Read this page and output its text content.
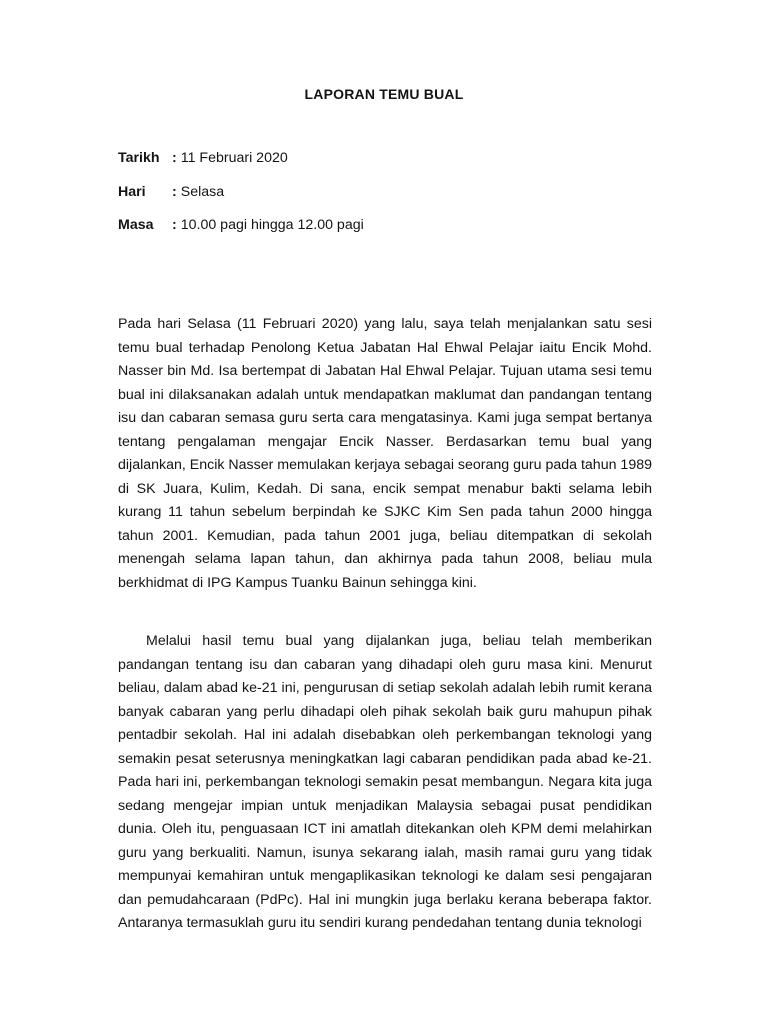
LAPORAN TEMU BUAL
Tarikh : 11 Februari 2020
Hari	: Selasa
Masa	: 10.00 pagi hingga 12.00 pagi

Pada hari Selasa (11 Februari 2020) yang lalu, saya telah menjalankan satu sesi temu bual terhadap Penolong Ketua Jabatan Hal Ehwal Pelajar iaitu Encik Mohd. Nasser bin Md. Isa bertempat di Jabatan Hal Ehwal Pelajar. Tujuan utama sesi temu bual ini dilaksanakan adalah untuk mendapatkan maklumat dan pandangan tentang isu dan cabaran semasa guru serta cara mengatasinya. Kami juga sempat bertanya tentang pengalaman mengajar Encik Nasser. Berdasarkan temu bual yang dijalankan, Encik Nasser memulakan kerjaya sebagai seorang guru pada tahun 1989 di SK Juara, Kulim, Kedah. Di sana, encik sempat menabur bakti selama lebih kurang 11 tahun sebelum berpindah ke SJKC Kim Sen pada tahun 2000 hingga tahun 2001. Kemudian, pada tahun 2001 juga, beliau ditempatkan di sekolah menengah selama lapan tahun, dan akhirnya pada tahun 2008, beliau mula berkhidmat di IPG Kampus Tuanku Bainun sehingga kini.

Melalui hasil temu bual yang dijalankan juga, beliau telah memberikan pandangan tentang isu dan cabaran yang dihadapi oleh guru masa kini. Menurut beliau, dalam abad ke-21 ini, pengurusan di setiap sekolah adalah lebih rumit kerana banyak cabaran yang perlu dihadapi oleh pihak sekolah baik guru mahupun pihak pentadbir sekolah. Hal ini adalah disebabkan oleh perkembangan teknologi yang semakin pesat seterusnya meningkatkan lagi cabaran pendidikan pada abad ke-21. Pada hari ini, perkembangan teknologi semakin pesat membangun. Negara kita juga sedang mengejar impian untuk menjadikan Malaysia sebagai pusat pendidikan dunia. Oleh itu, penguasaan ICT ini amatlah ditekankan oleh KPM demi melahirkan guru yang berkualiti. Namun, isunya sekarang ialah, masih ramai guru yang tidak mempunyai kemahiran untuk mengaplikasikan teknologi ke dalam sesi pengajaran dan pemudahcaraan (PdPc). Hal ini mungkin juga berlaku kerana beberapa faktor. Antaranya termasuklah guru itu sendiri kurang pendedahan tentang dunia teknologi
